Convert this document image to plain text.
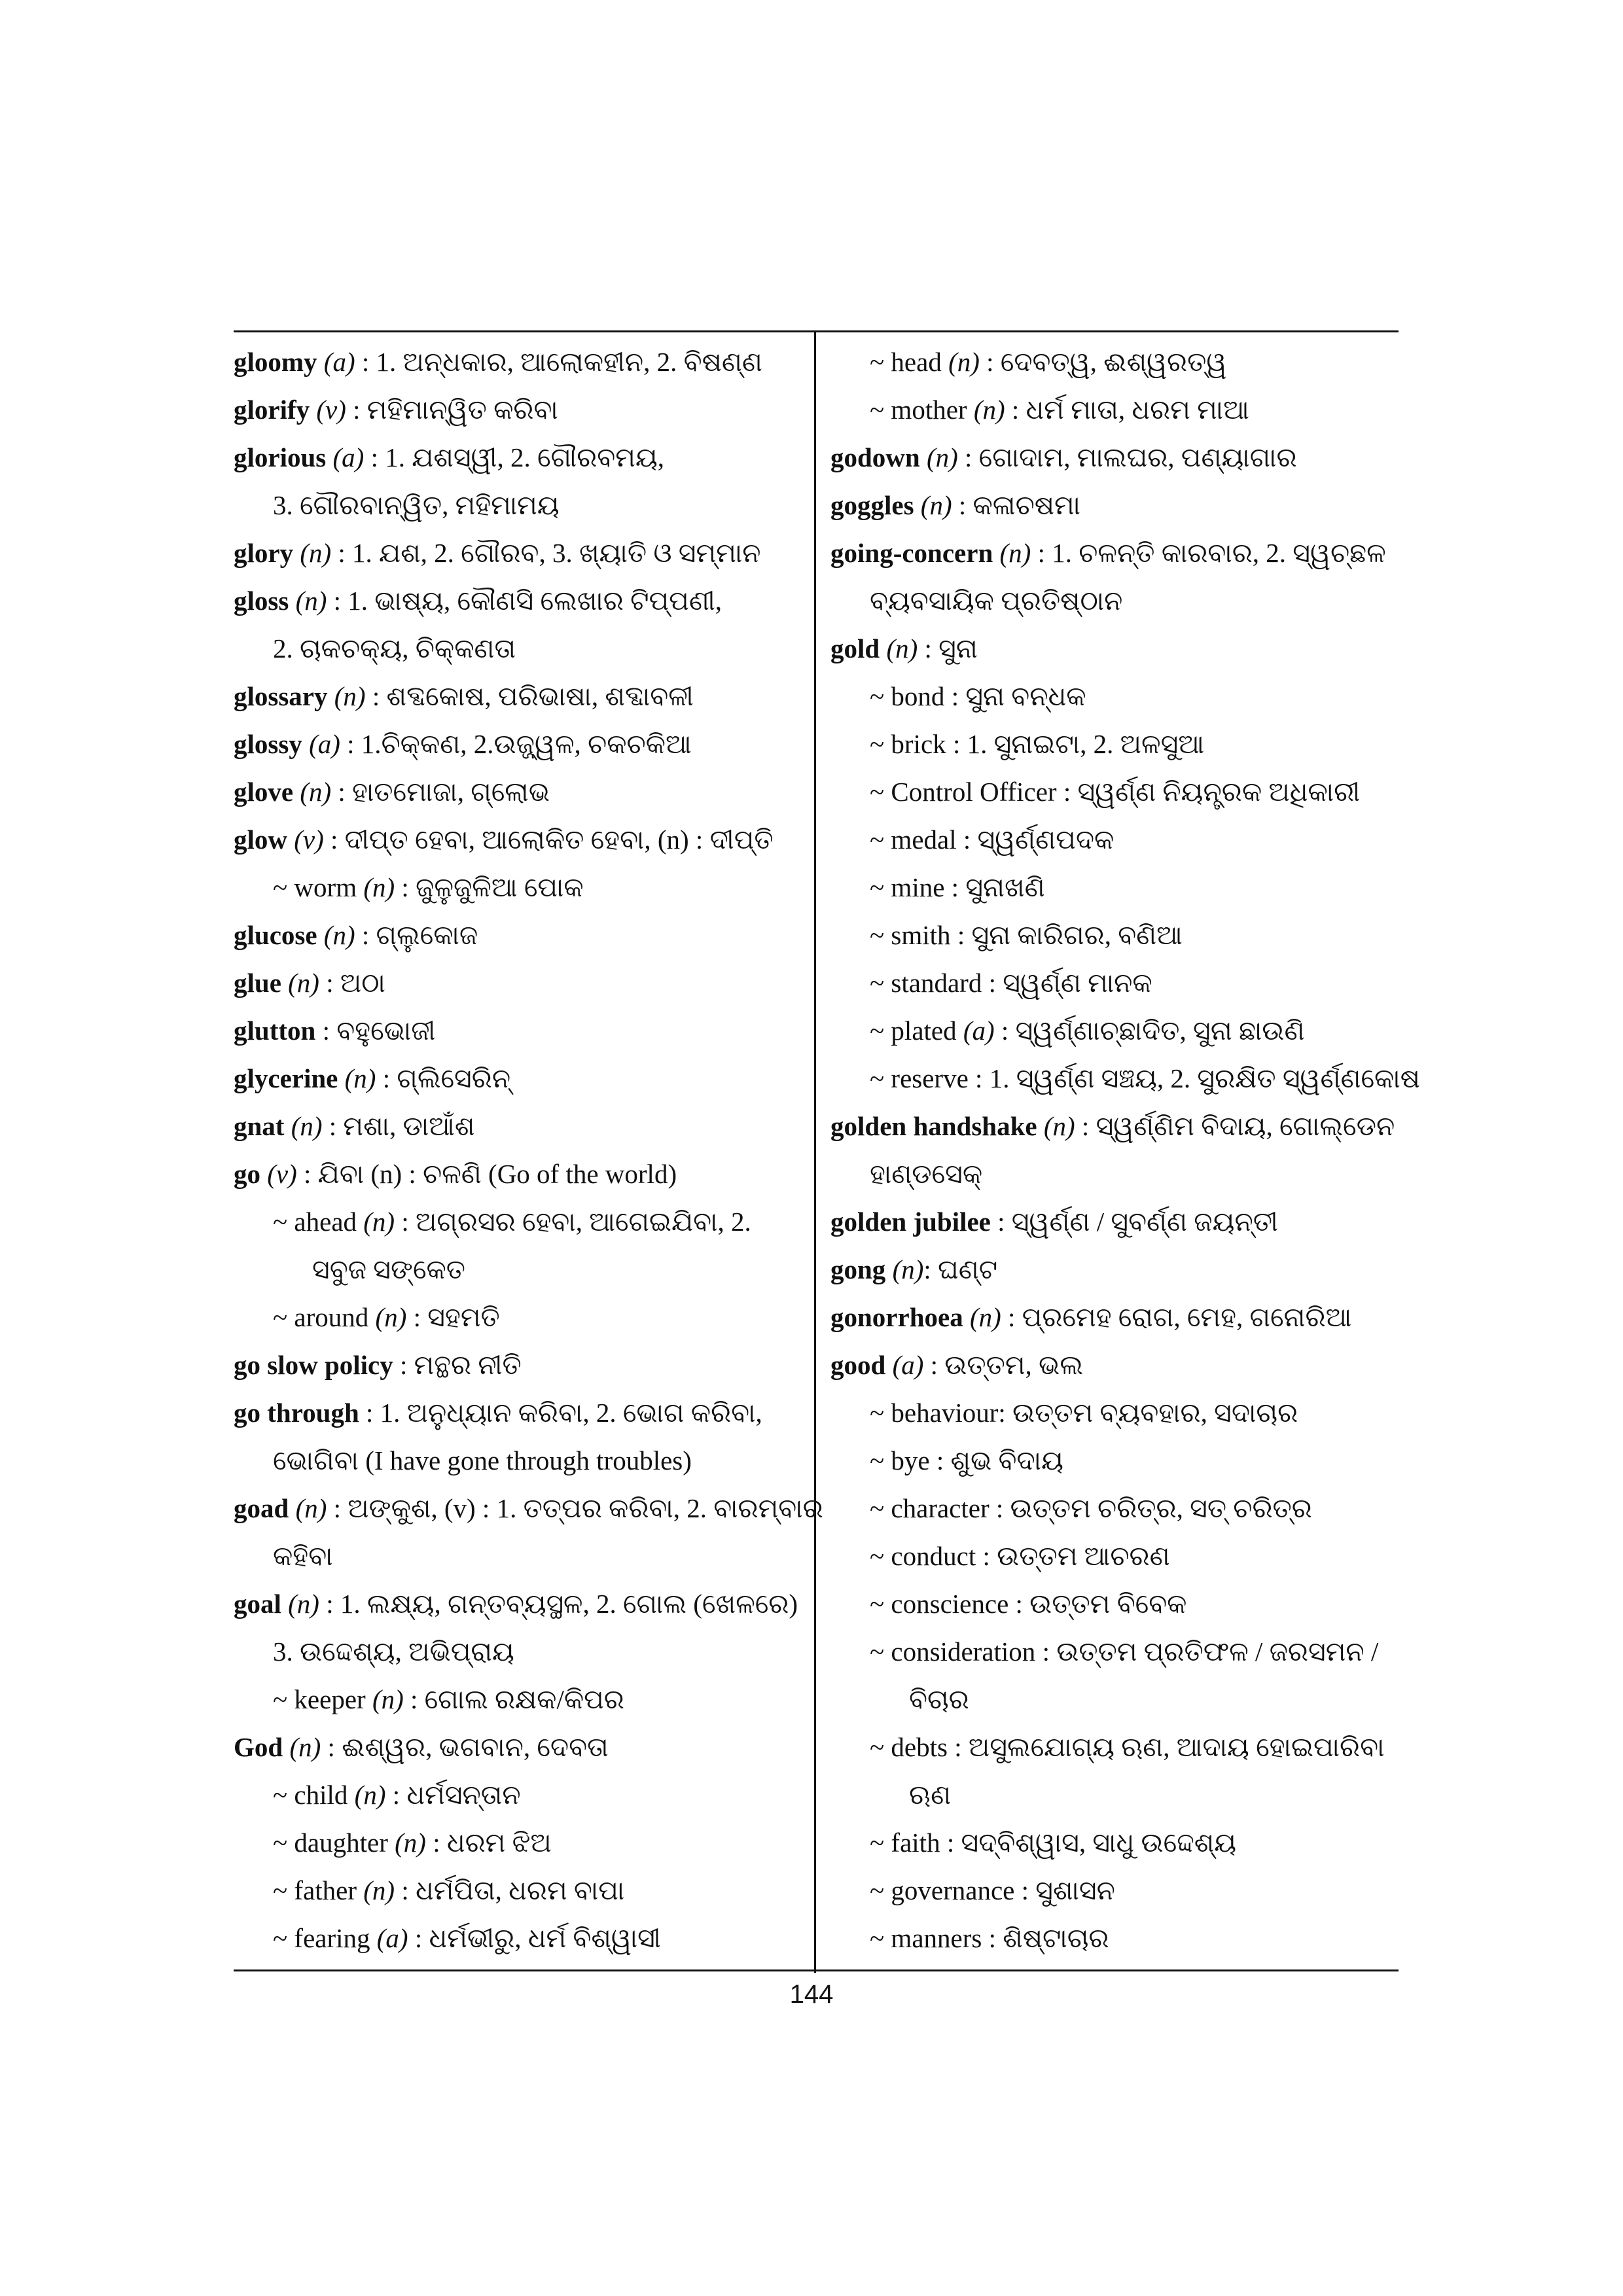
gloomy (a) : 1. ଅନ୍ଧକାର, ଆଲୋକହୀନ, 2. ବିଷଣ୍ଣ
glorify (v) : ମହିମାନ୍ୱିତ କରିବା
glorious (a) : 1. ଯଶସ୍ୱୀ, 2. ଗୌରବମୟ,
3. ଗୌରବାନ୍ୱିତ, ମହିମାମୟ
glory (n) : 1. ଯଶ, 2. ଗୌରବ, 3. ଖ୍ୟାତି ଓ ସମ୍ମାନ
gloss (n) : 1. ଭାଷ୍ୟ, କୌଣସି ଲେଖାର ଟିପ୍ପଣୀ,
2. ଚାକଚକ୍ୟ, ଚିକ୍କଣତା
glossary (n) : ଶବ୍ଦକୋଷ, ପରିଭାଷା, ଶବ୍ଦାବଳୀ
glossy (a) : 1.ଚିକ୍କଣ, 2.ଉଜ୍ଜ୍ୱଳ, ଚକଚକିଆ
glove (n) : ହାତମୋଜା, ଗ୍ଲୋଭ
glow (v) : ଦୀପ୍ତ ହେବା, ଆଲୋକିତ ହେବା, (n) : ଦୀପ୍ତି
~ worm (n) : ଜୁଳୁଜୁଳିଆ ପୋକ
glucose (n) : ଗ୍ଲୁକୋଜ
glue (n) : ଅଠା
glutton : ବହୁଭୋଜୀ
glycerine (n) : ଗ୍ଲିସେରିନ୍
gnat (n) : ମଶା, ଡାଆଁଶ
go (v) : ଯିବା (n) : ଚଳଣି (Go of the world)
~ ahead (n) : ଅଗ୍ରସର ହେବା, ଆଗେଇଯିବା, 2.
ସବୁଜ ସଙ୍କେତ
~ around (n) : ସହମତି
go slow policy : ମନ୍ଥର ନୀତି
go through : 1. ଅନୁଧ୍ୟାନ କରିବା, 2. ଭୋଗ କରିବା,
ଭୋଗିବା (I have gone through troubles)
goad (n) : ଅଙ୍କୁଶ, (v) : 1. ତତ୍ପର କରିବା, 2. ବାରମ୍ବାର
କହିବା
goal (n) : 1. ଲକ୍ଷ୍ୟ, ଗନ୍ତବ୍ୟସ୍ଥଳ, 2. ଗୋଲ (ଖେଳରେ)
3. ଉଦ୍ଦେଶ୍ୟ, ଅଭିପ୍ରାୟ
~ keeper (n) : ଗୋଲ ରକ୍ଷକ/କିପର
God (n) : ଈଶ୍ୱର, ଭଗବାନ, ଦେବତା
~ child (n) : ଧର୍ମସନ୍ତାନ
~ daughter (n) : ଧରମ ଝିଅ
~ father (n) : ଧର୍ମପିତା, ଧରମ ବାପା
~ fearing (a) : ଧର୍ମଭୀରୁ, ଧର୍ମ ବିଶ୍ୱାସୀ
~ head (n) : ଦେବତ୍ୱ, ଈଶ୍ୱରତ୍ୱ
~ mother (n) : ଧର୍ମ ମାତା, ଧରମ ମାଆ
godown (n) : ଗୋଦାମ, ମାଲଘର, ପଣ୍ୟାଗାର
goggles (n) : କଳାଚଷମା
going-concern (n) : 1. ଚଳନ୍ତି କାରବାର, 2. ସ୍ୱଚ୍ଛଳ
ବ୍ୟବସାୟିକ ପ୍ରତିଷ୍ଠାନ
gold (n) : ସୁନା
~ bond : ସୁନା ବନ୍ଧକ
~ brick : 1. ସୁନାଇଟା, 2. ଅଳସୁଆ
~ Control Officer : ସ୍ୱର୍ଣ୍ଣ ନିୟନ୍ତ୍ରକ ଅଧିକାରୀ
~ medal : ସ୍ୱର୍ଣ୍ଣପଦକ
~ mine : ସୁନାଖଣି
~ smith : ସୁନା କାରିଗର, ବଣିଆ
~ standard : ସ୍ୱର୍ଣ୍ଣ ମାନକ
~ plated (a) : ସ୍ୱର୍ଣ୍ଣାଚ୍ଛାଦିତ, ସୁନା ଛାଉଣି
~ reserve : 1. ସ୍ୱର୍ଣ୍ଣ ସଞ୍ଚୟ, 2. ସୁରକ୍ଷିତ ସ୍ୱର୍ଣ୍ଣକୋଷ
golden handshake (n) : ସ୍ୱର୍ଣ୍ଣିମ ବିଦାୟ, ଗୋଲ୍ଡେନ
ହାଣ୍ଡସେକ୍
golden jubilee : ସ୍ୱର୍ଣ୍ଣ / ସୁବର୍ଣ୍ଣ ଜୟନ୍ତୀ
gong (n): ଘଣ୍ଟ
gonorrhoea (n) : ପ୍ରମେହ ରୋଗ, ମେହ, ଗନୋରିଆ
good (a) : ଉତ୍ତମ, ଭଲ
~ behaviour: ଉତ୍ତମ ବ୍ୟବହାର, ସଦାଚାର
~ bye : ଶୁଭ ବିଦାୟ
~ character : ଉତ୍ତମ ଚରିତ୍ର, ସତ୍ ଚରିତ୍ର
~ conduct : ଉତ୍ତମ ଆଚରଣ
~ conscience : ଉତ୍ତମ ବିବେକ
~ consideration : ଉତ୍ତମ ପ୍ରତିଫଳ / ଜରସମନ /
ବିଚାର
~ debts : ଅସୁଲଯୋଗ୍ୟ ଋଣ, ଆଦାୟ ହୋଇପାରିବା
ଋଣ
~ faith : ସଦ୍‌ବିଶ୍ୱାସ, ସାଧୁ ଉଦ୍ଦେଶ୍ୟ
~ governance : ସୁଶାସନ
~ manners : ଶିଷ୍ଟାଚାର
144
